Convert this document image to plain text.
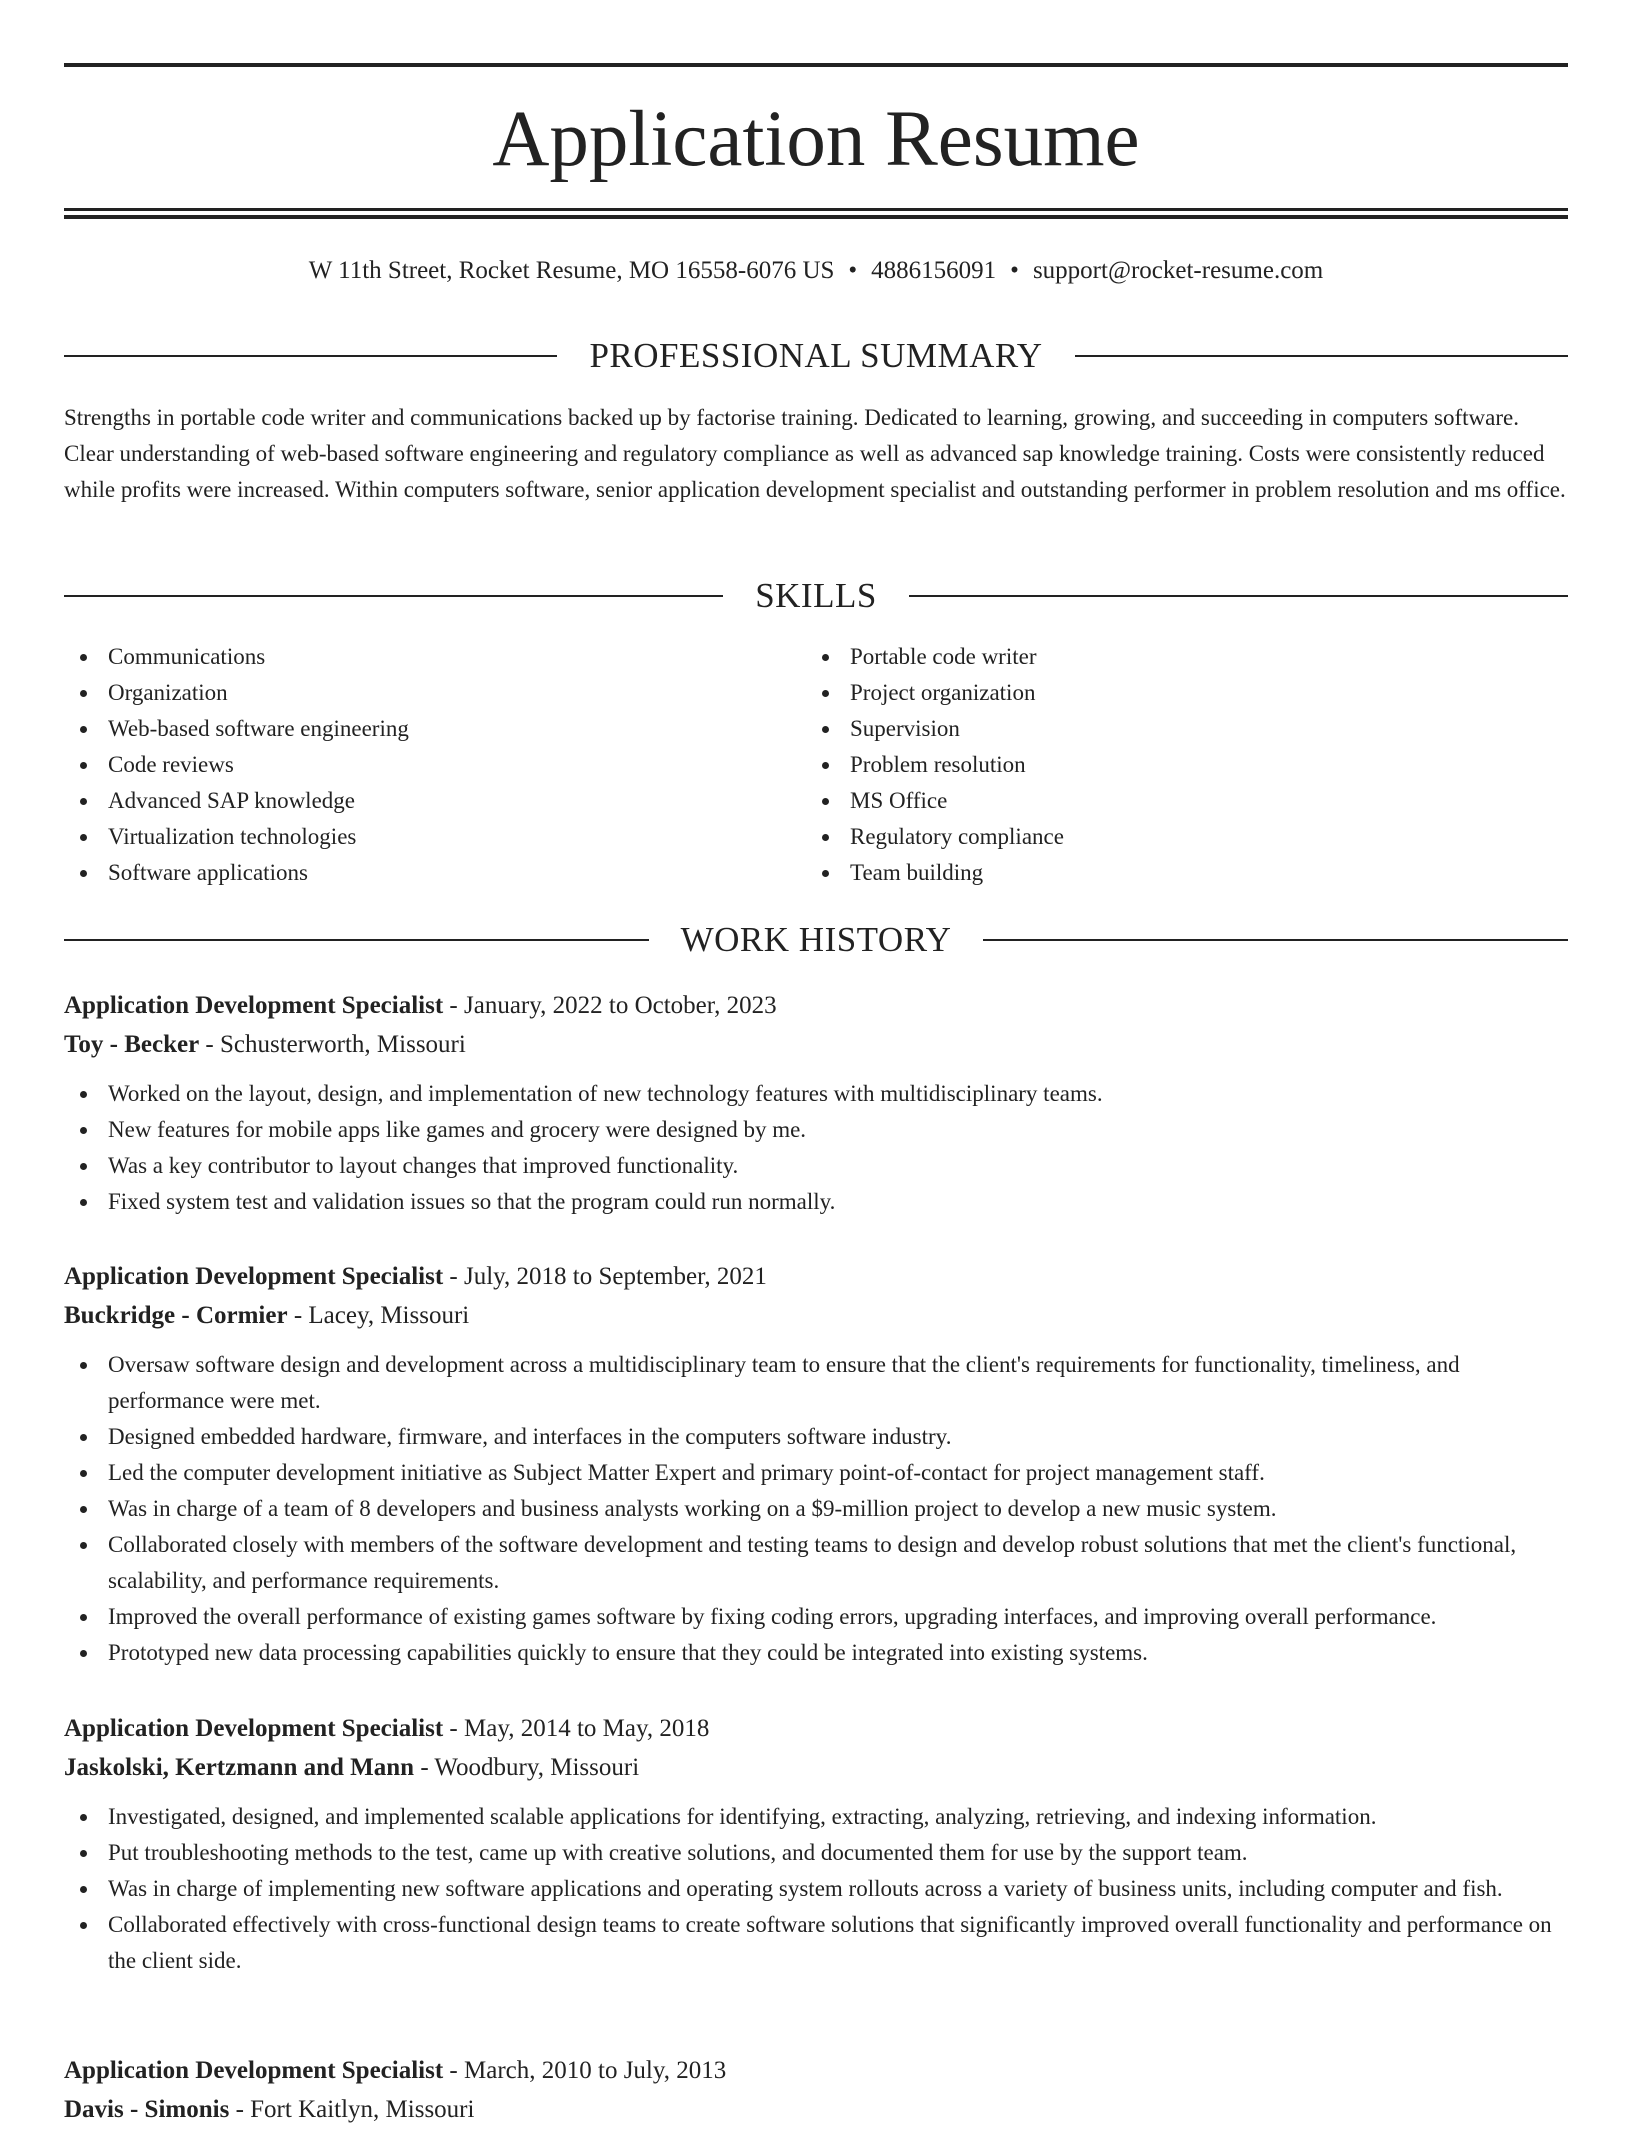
Application Resume
W 11th Street, Rocket Resume, MO 16558-6076 US • 4886156091 • support@rocket-resume.com
PROFESSIONAL SUMMARY

Strengths in portable code writer and communications backed up by factorise training. Dedicated to learning, growing, and succeeding in computers software. Clear understanding of web-based software engineering and regulatory compliance as well as advanced sap knowledge training. Costs were consistently reduced while profits were increased. Within computers software, senior application development specialist and outstanding performer in problem resolution and ms office.

SKILLS
Communications
Organization
Web-based software engineering
Code reviews
Advanced SAP knowledge
Virtualization technologies
Software applications
Portable code writer
Project organization
Supervision
Problem resolution
MS Office
Regulatory compliance
Team building
WORK HISTORY
Application Development Specialist - January, 2022 to October, 2023
Toy - Becker - Schusterworth, Missouri
Worked on the layout, design, and implementation of new technology features with multidisciplinary teams.
New features for mobile apps like games and grocery were designed by me.
Was a key contributor to layout changes that improved functionality.
Fixed system test and validation issues so that the program could run normally.
Application Development Specialist - July, 2018 to September, 2021
Buckridge - Cormier - Lacey, Missouri
Oversaw software design and development across a multidisciplinary team to ensure that the client's requirements for functionality, timeliness, and performance were met.
Designed embedded hardware, firmware, and interfaces in the computers software industry.
Led the computer development initiative as Subject Matter Expert and primary point-of-contact for project management staff.
Was in charge of a team of 8 developers and business analysts working on a $9-million project to develop a new music system.
Collaborated closely with members of the software development and testing teams to design and develop robust solutions that met the client's functional, scalability, and performance requirements.
Improved the overall performance of existing games software by fixing coding errors, upgrading interfaces, and improving overall performance.
Prototyped new data processing capabilities quickly to ensure that they could be integrated into existing systems.
Application Development Specialist - May, 2014 to May, 2018
Jaskolski, Kertzmann and Mann - Woodbury, Missouri
Investigated, designed, and implemented scalable applications for identifying, extracting, analyzing, retrieving, and indexing information.
Put troubleshooting methods to the test, came up with creative solutions, and documented them for use by the support team.
Was in charge of implementing new software applications and operating system rollouts across a variety of business units, including computer and fish.
Collaborated effectively with cross-functional design teams to create software solutions that significantly improved overall functionality and performance on the client side.
Application Development Specialist - March, 2010 to July, 2013
Davis - Simonis - Fort Kaitlyn, Missouri
